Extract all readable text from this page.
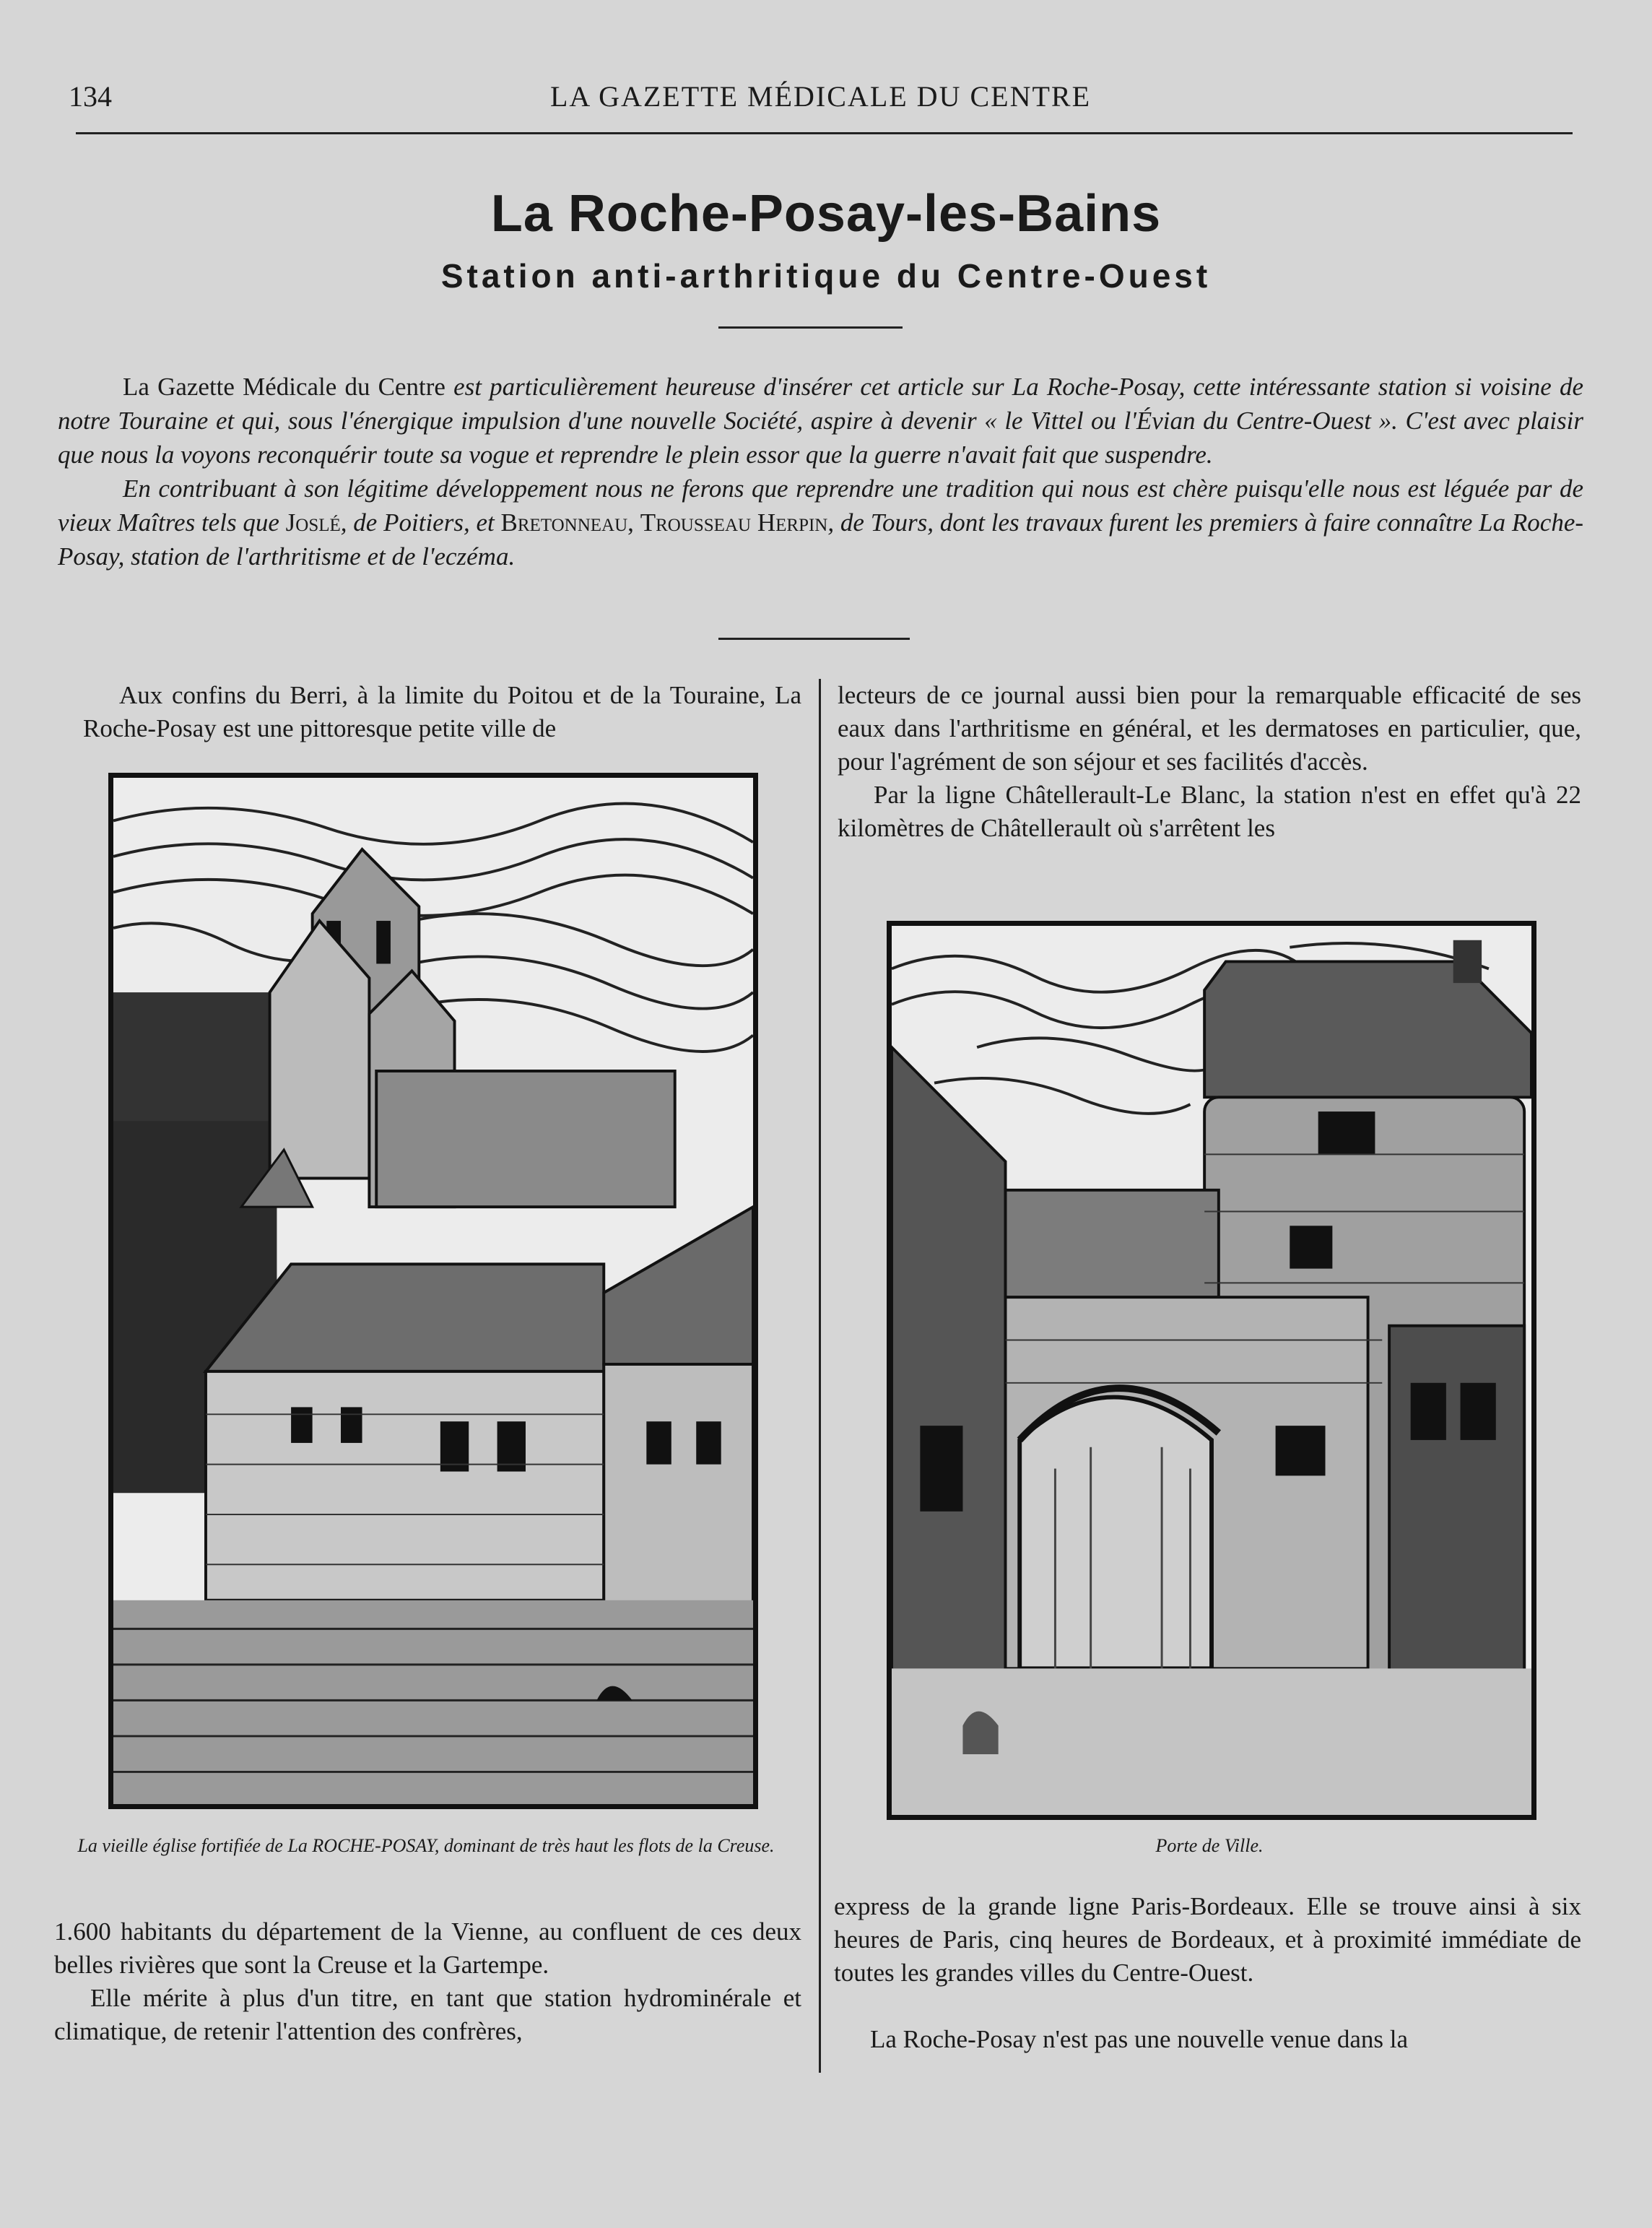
134	LA GAZETTE MÉDICALE DU CENTRE
La Roche-Posay-les-Bains
Station anti-arthritique du Centre-Ouest

La Gazette Médicale du Centre est particulièrement heureuse d'insérer cet article sur La Roche-Posay, cette intéressante station si voisine de notre Touraine et qui, sous l'énergique impulsion d'une nouvelle Société, aspire à devenir « le Vittel ou l'Évian du Centre-Ouest ». C'est avec plaisir que nous la voyons reconquérir toute sa vogue et reprendre le plein essor que la guerre n'avait fait que suspendre.

En contribuant à son légitime développement nous ne ferons que reprendre une tradition qui nous est chère puisqu'elle nous est léguée par de vieux Maîtres tels que Joslé, de Poitiers, et Bretonneau, Trousseau Herpin, de Tours, dont les travaux furent les premiers à faire connaître La Roche-Posay, station de l'arthritisme et de l'eczéma.

Aux confins du Berri, à la limite du Poitou et de la Touraine, La Roche-Posay est une pittoresque petite ville de

La vieille église fortifiée de La ROCHE-POSAY, dominant de très haut les flots de la Creuse.

1.600 habitants du département de la Vienne, au confluent de ces deux belles rivières que sont la Creuse et la Gartempe.

Elle mérite à plus d'un titre, en tant que station hydrominérale et climatique, de retenir l'attention des confrères,

lecteurs de ce journal aussi bien pour la remarquable efficacité de ses eaux dans l'arthritisme en général, et les dermatoses en particulier, que, pour l'agrément de son séjour et ses facilités d'accès.

Par la ligne Châtellerault-Le Blanc, la station n'est en effet qu'à 22 kilomètres de Châtellerault où s'arrêtent les

Porte de Ville.

express de la grande ligne Paris-Bordeaux. Elle se trouve ainsi à six heures de Paris, cinq heures de Bordeaux, et à proximité immédiate de toutes les grandes villes du Centre-Ouest.

La Roche-Posay n'est pas une nouvelle venue dans la
